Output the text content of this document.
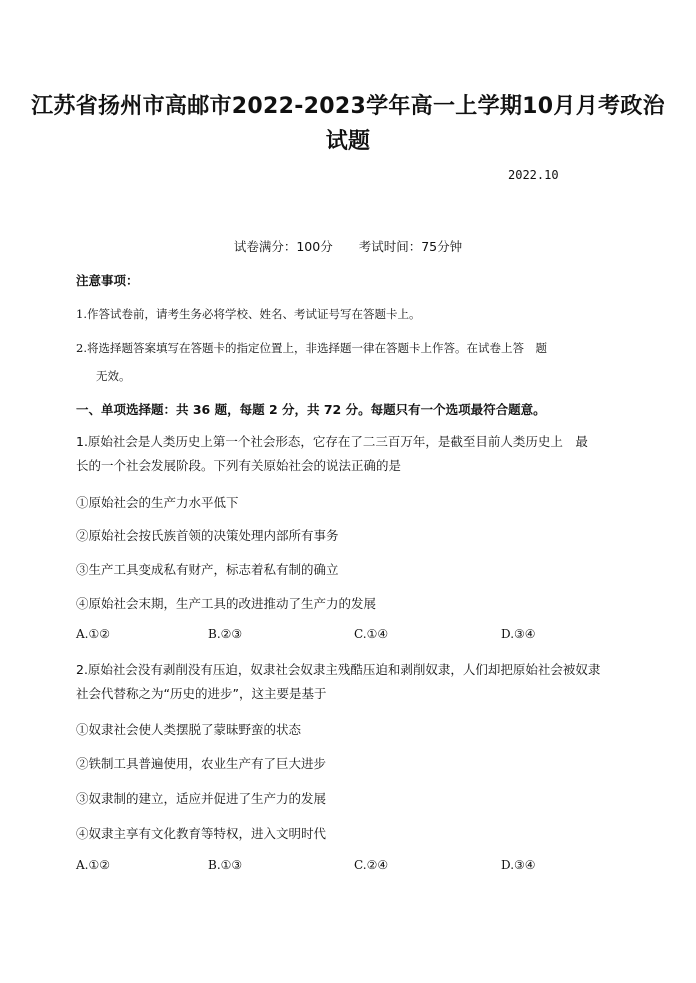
江苏省扬州市高邮市2022-2023学年高一上学期10月月考政治
试题
2022.10
试卷满分：100分 考试时间：75分钟
注意事项：
1.作答试卷前，请考生务必将学校、姓名、考试证号写在答题卡上。
2.将选择题答案填写在答题卡的指定位置上，非选择题一律在答题卡上作答。在试卷上答　题
无效。
一、单项选择题：共 36 题，每题 2 分，共 72 分。每题只有一个选项最符合题意。
1.原始社会是人类历史上第一个社会形态，它存在了二三百万年，是截至目前人类历史上　最
长的一个社会发展阶段。下列有关原始社会的说法正确的是
①原始社会的生产力水平低下
②原始社会按氏族首领的决策处理内部所有事务
③生产工具变成私有财产，标志着私有制的确立
④原始社会末期，生产工具的改进推动了生产力的发展
A.①②	B.②③	C.①④	D.③④
2.原始社会没有剥削没有压迫，奴隶社会奴隶主残酷压迫和剥削奴隶，人们却把原始社会被奴隶
社会代替称之为“历史的进步”，这主要是基于
①奴隶社会使人类摆脱了蒙昧野蛮的状态
②铁制工具普遍使用，农业生产有了巨大进步
③奴隶制的建立，适应并促进了生产力的发展
④奴隶主享有文化教育等特权，进入文明时代
A.①②	B.①③	C.②④	D.③④
